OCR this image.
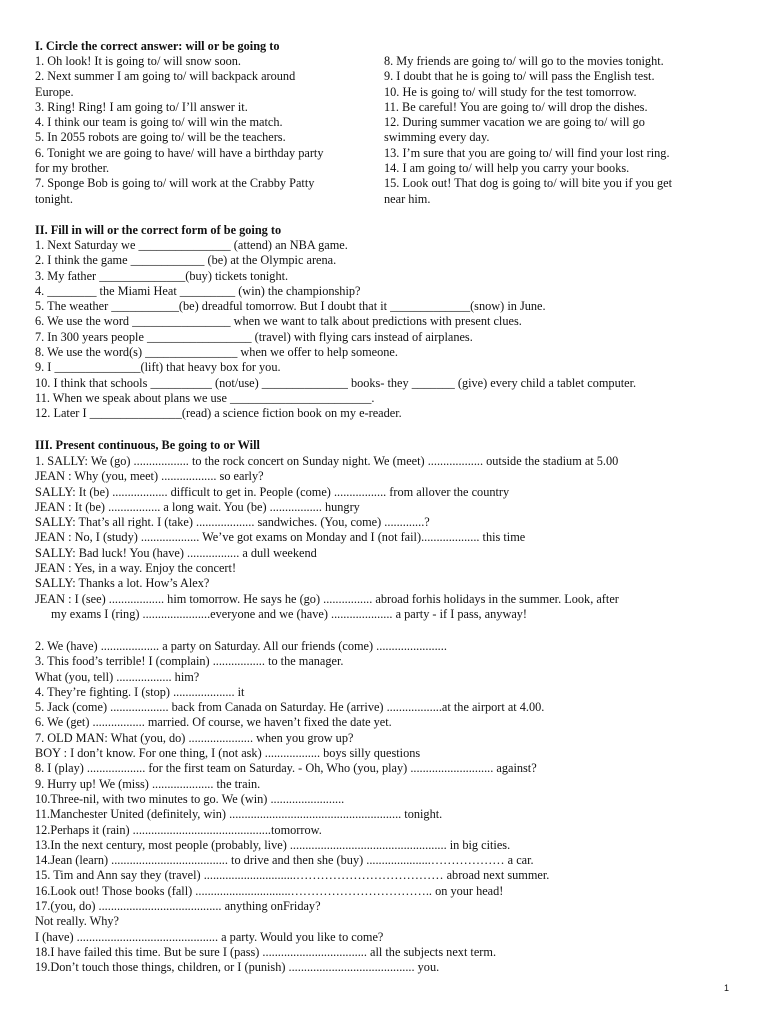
I. Circle the correct answer: will or be going to
1. Oh look! It is going to/ will snow soon.
2. Next summer I am going to/ will backpack around
Europe.
3. Ring! Ring! I am going to/ I’ll answer it.
4. I think our team is going to/ will win the match.
5. In 2055 robots are going to/ will be the teachers.
6. Tonight we are going to have/ will have a birthday party
for my brother.
7. Sponge Bob is going to/ will work at the Crabby Patty
tonight.
8. My friends are going to/ will go to the movies tonight.
9. I doubt that he is going to/ will pass the English test.
10. He is going to/ will study for the test tomorrow.
11. Be careful! You are going to/ will drop the dishes.
12. During summer vacation we are going to/ will go
swimming every day.
13. I’m sure that you are going to/ will find your lost ring.
14. I am going to/ will help you carry your books.
15. Look out! That dog is going to/ will bite you if you get
near him.
II. Fill in will or the correct form of be going to
1. Next Saturday we _______________ (attend) an NBA game.
2. I think the game ____________ (be) at the Olympic arena.
3. My father ______________(buy) tickets tonight.
4. ________ the Miami Heat _________ (win) the championship?
5. The weather ___________(be) dreadful tomorrow. But I doubt that it _____________(snow) in June.
6. We use the word ________________ when we want to talk about predictions with present clues.
7. In 300 years people _________________ (travel) with flying cars instead of airplanes.
8. We use the word(s) _______________ when we offer to help someone.
9. I ______________(lift) that heavy box for you.
10. I think that schools __________ (not/use) ______________ books- they _______ (give) every child a tablet computer.
11. When we speak about plans we use _______________________.
12. Later I _______________(read) a science fiction book on my e-reader.
III. Present continuous, Be going to or Will
1. SALLY: We (go) .................. to the rock concert on Sunday night. We (meet) .................. outside the stadium at 5.00
JEAN : Why (you, meet) .................. so early?
SALLY: It (be) .................. difficult to get in. People (come) ................. from allover the country
JEAN : It (be) ................. a long wait. You (be) ................. hungry
SALLY: That’s all right. I (take) ................... sandwiches. (You, come) .............?
JEAN : No, I (study) ................... We’ve got exams on Monday and I (not fail)................... this time
SALLY: Bad luck! You (have) ................. a dull weekend
JEAN : Yes, in a way. Enjoy the concert!
SALLY: Thanks a lot. How’s Alex?
JEAN : I (see) .................. him tomorrow. He says he (go) ................ abroad forhis holidays in the summer. Look, after
my exams I (ring) ......................everyone and we (have) .................... a party - if I pass, anyway!
2. We (have) ................... a party on Saturday. All our friends (come) .......................
3. This food’s terrible! I (complain) ................. to the manager.
What (you, tell) .................. him?
4. They’re fighting. I (stop) .................... it
5. Jack (come) ................... back from Canada on Saturday. He (arrive) ..................at the airport at 4.00.
6. We (get) ................. married. Of course, we haven’t fixed the date yet.
7. OLD MAN: What (you, do) ..................... when you grow up?
BOY : I don’t know. For one thing, I (not ask) .................. boys silly questions
8. I (play) ................... for the first team on Saturday. - Oh, Who (you, play) ........................... against?
9. Hurry up! We (miss) .................... the train.
10.Three-nil, with two minutes to go. We (win) ........................
11.Manchester United (definitely, win) ........................................................ tonight.
12.Perhaps it (rain) .............................................tomorrow.
13.In the next century, most people (probably, live) ................................................... in big cities.
14.Jean (learn) ...................................... to drive and then she (buy) .....................……………… a car.
15. Tim and Ann say they (travel) ..............................……………………………… abroad next summer.
16.Look out! Those books (fall) ...............................…………………………….. on your head!
17.(you, do) ........................................ anything onFriday?
Not really. Why?
I (have) .............................................. a party. Would you like to come?
18.I have failed this time. But be sure I (pass) .................................. all the subjects next term.
19.Don’t touch those things, children, or I (punish) ......................................... you.
1
